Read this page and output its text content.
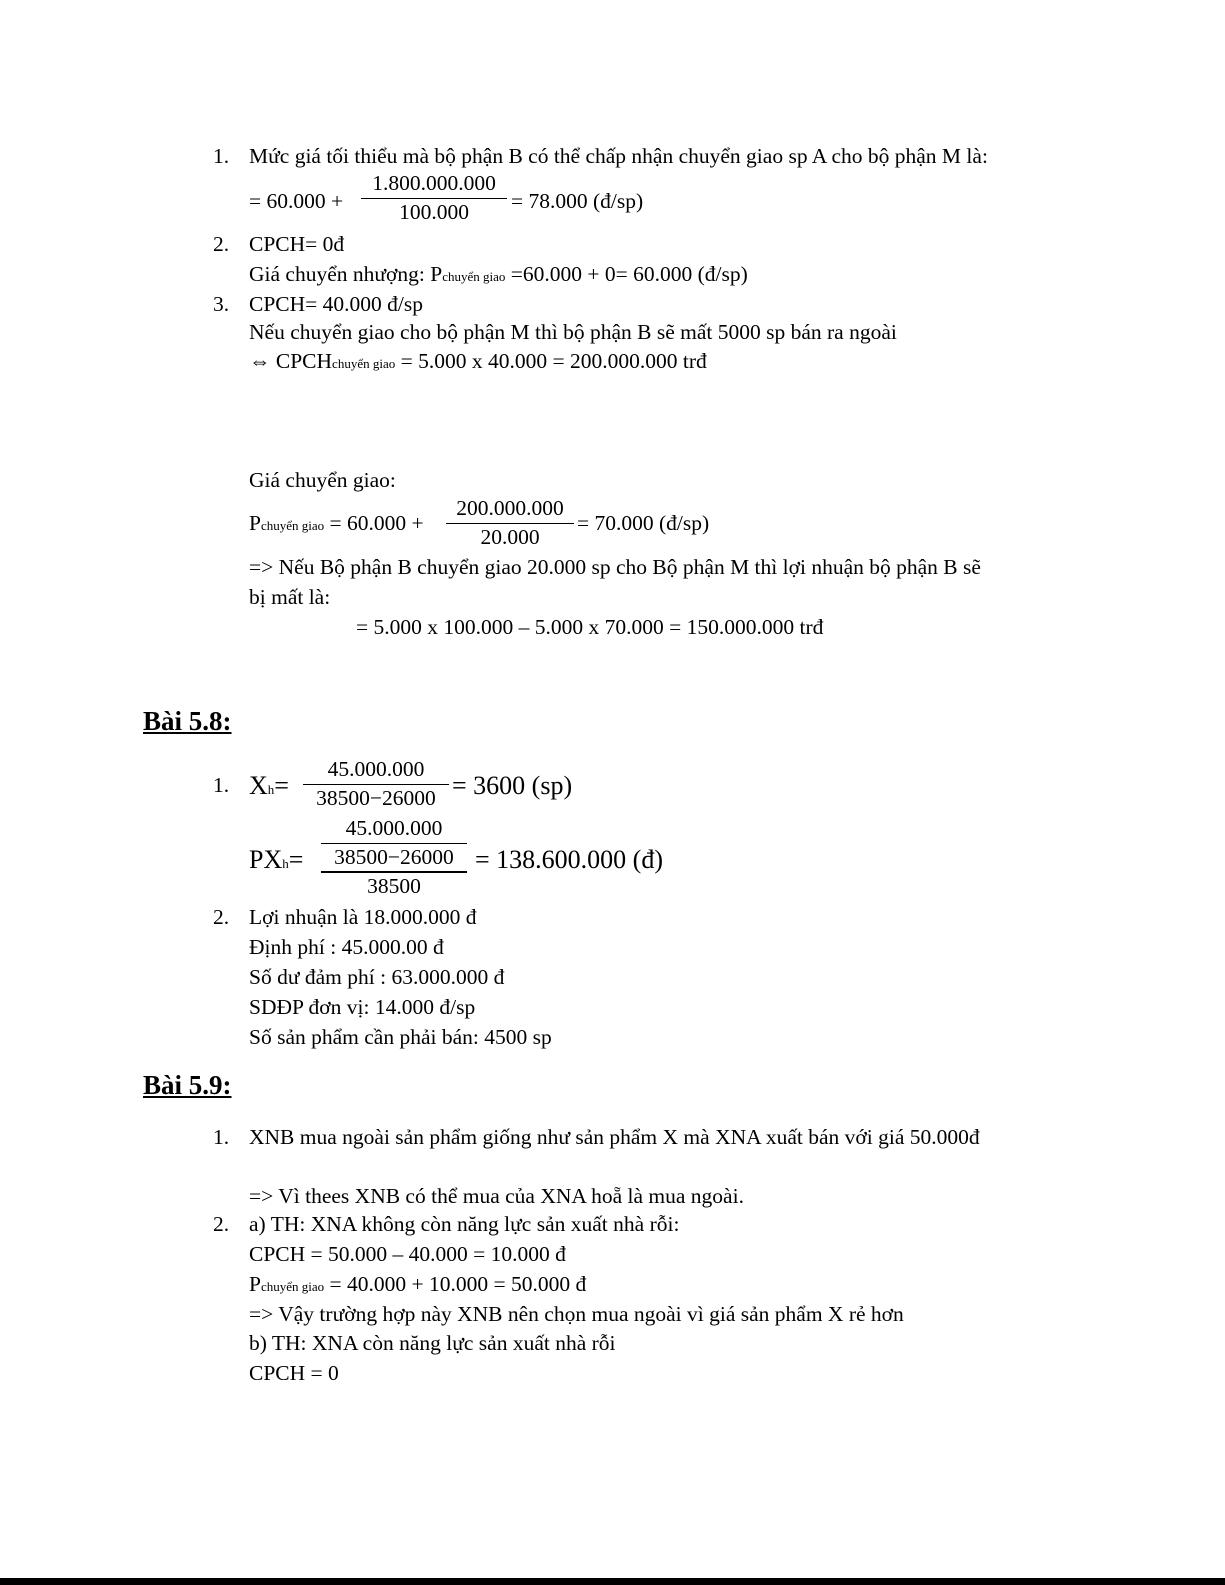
1. Mức giá tối thiểu mà bộ phận B có thể chấp nhận chuyển giao sp A cho bộ phận M là:
= 60.000 +
1.800.000.000
100.000	= 78.000 (đ/sp)
2. CPCH= 0đ
Giá chuyển nhượng: Pchuyển giao =60.000 + 0= 60.000 (đ/sp)
3. CPCH= 40.000 đ/sp
Nếu chuyển giao cho bộ phận M thì bộ phận B sẽ mất 5000 sp bán ra ngoài
⇔ CPCHchuyển giao = 5.000 x 40.000 = 200.000.000 trđ
Giá chuyển giao:
Pchuyển giao = 60.000 +
200.000.000
20.000
= 70.000 (đ/sp)
=> Nếu Bộ phận B chuyển giao 20.000 sp cho Bộ phận M thì lợi nhuận bộ phận B sẽ
bị mất là:
= 5.000 x 100.000 – 5.000 x 70.000 = 150.000.000 trđ
Bài 5.8:
1. Xh=
45.000.000
38500−26000 = 3600 (sp)
PXh=
45.000.000
38500−26000
38500
= 138.600.000 (đ)
2. Lợi nhuận là 18.000.000 đ
Định phí : 45.000.00 đ
Số dư đảm phí : 63.000.000 đ
SDĐP đơn vị: 14.000 đ/sp
Số sản phẩm cần phải bán: 4500 sp
Bài 5.9:
1. XNB mua ngoài sản phẩm giống như sản phẩm X mà XNA xuất bán với giá 50.000đ
=> Vì thees XNB có thể mua của XNA hoẵ là mua ngoài.
2. a) TH: XNA không còn năng lực sản xuất nhà rỗi:
CPCH = 50.000 – 40.000 = 10.000 đ
Pchuyển giao = 40.000 + 10.000 = 50.000 đ
=> Vậy trường hợp này XNB nên chọn mua ngoài vì giá sản phẩm X rẻ hơn
b) TH: XNA còn năng lực sản xuất nhà rỗi
CPCH = 0
